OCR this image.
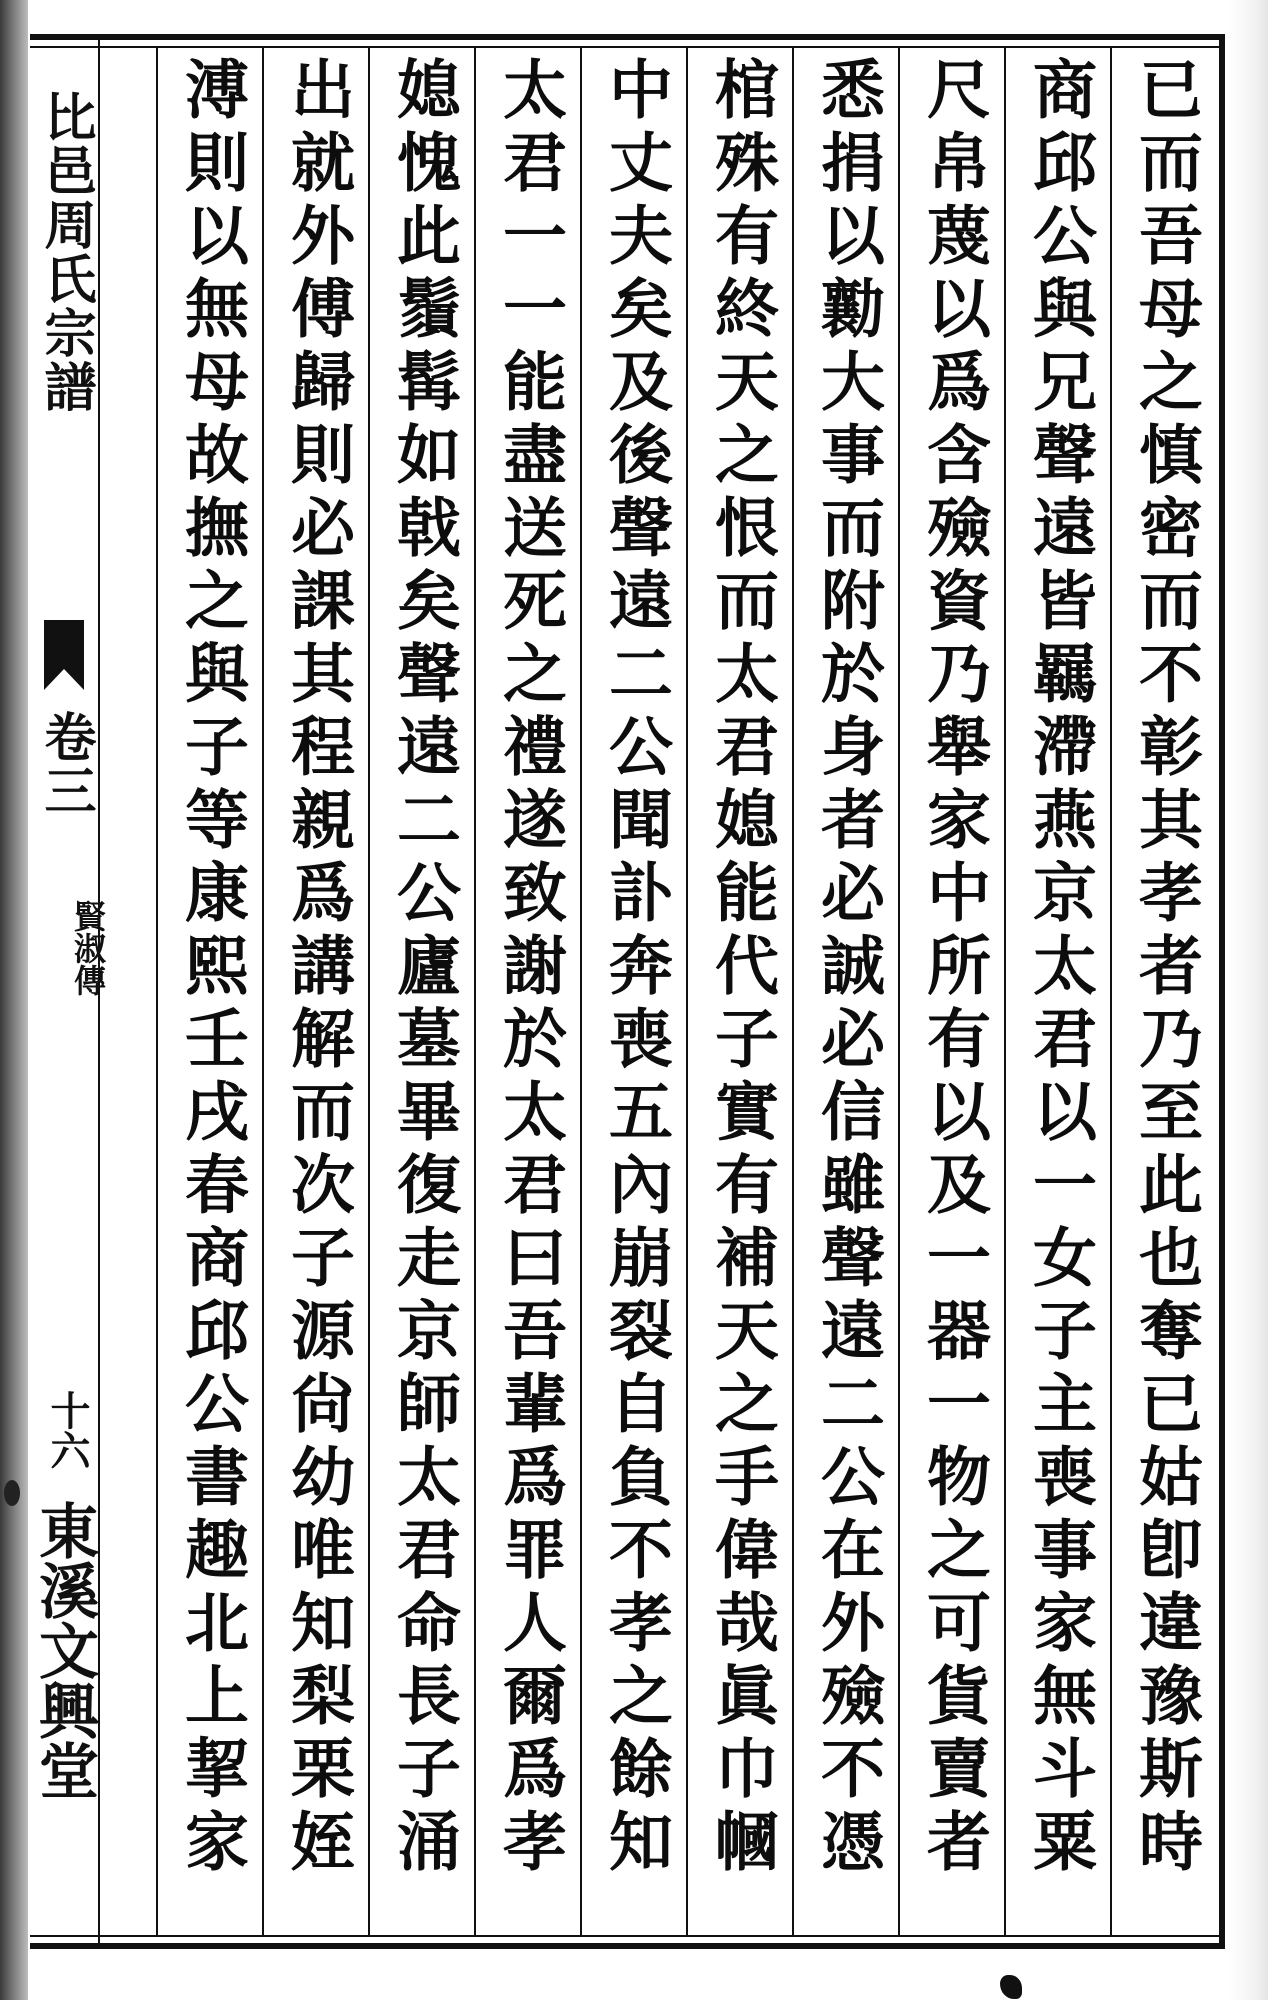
比邑周氏宗譜
卷三
賢淑傳
十六
東溪文興堂	已而吾母之慎密而不彰其孝者乃至此也奪已姑卽違豫斯時
商邱公與兄聲遠皆羈滯燕京太君以一女子主喪事家無斗粟
尺帛蔑以爲含殮資乃舉家中所有以及一器一物之可貨賣者
悉捐以勷大事而附於身者必誠必信雖聲遠二公在外殮不憑
棺殊有終天之恨而太君媳能代子實有補天之手偉哉眞巾幗
中丈夫矣及後聲遠二公聞訃奔喪五內崩裂自負不孝之餘知
太君一一能盡送死之禮遂致謝於太君曰吾輩爲罪人爾爲孝
媳愧此鬚髯如戟矣聲遠二公廬墓畢復走京師太君命長子涌
出就外傅歸則必課其程親爲講解而次子源尙幼唯知梨栗姪
溥則以無母故撫之與子等康熙壬戌春商邱公書趣北上挈家
